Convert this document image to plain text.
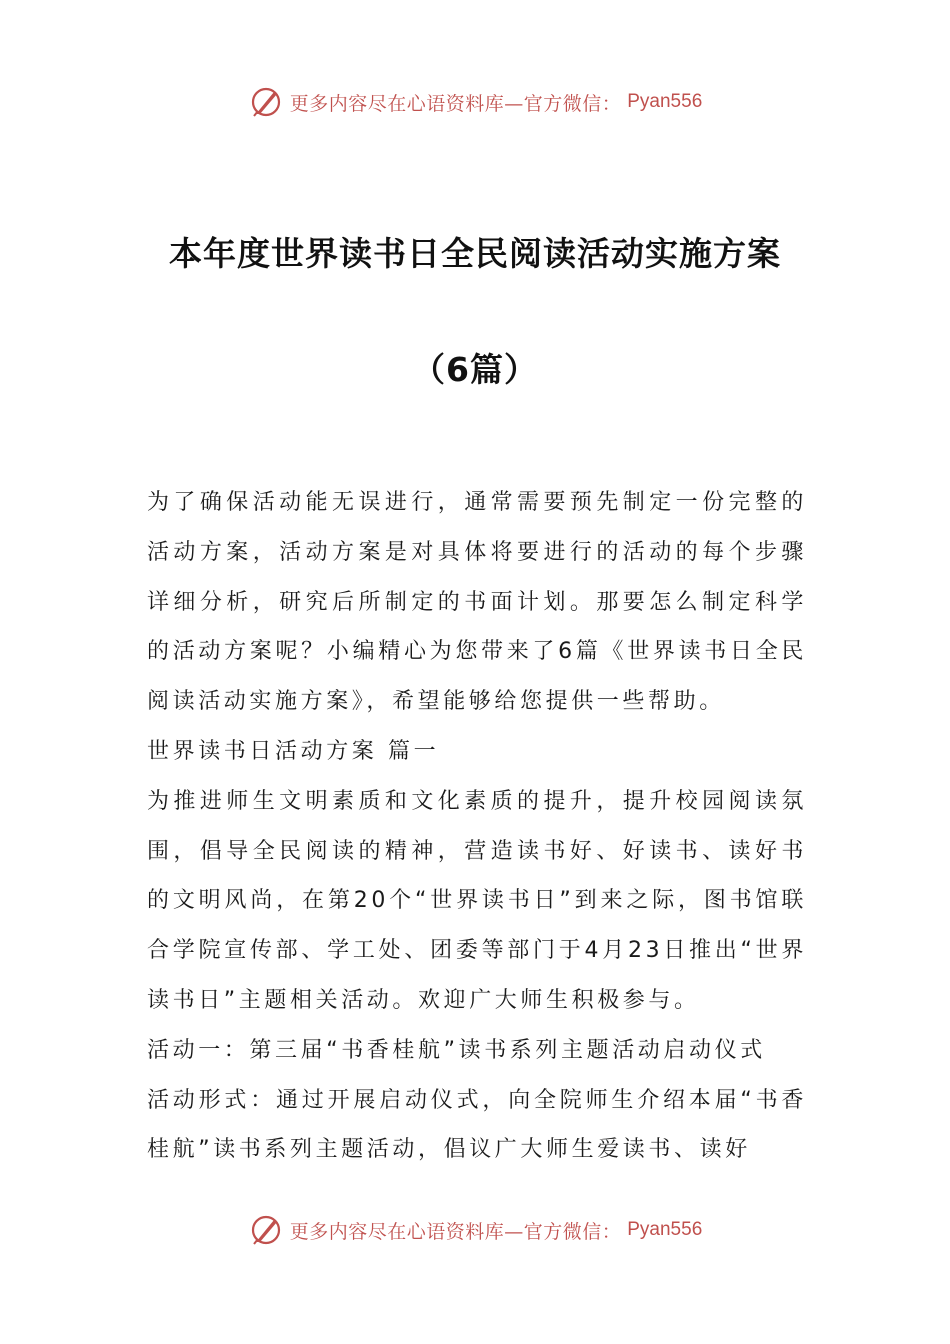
更多内容尽在心语资料库—官方微信： Pyan556
本年度世界读书日全民阅读活动实施方案
（6篇）

为了确保活动能无误进行，通常需要预先制定一份完整的活动方案，活动方案是对具体将要进行的活动的每个步骤详细分析，研究后所制定的书面计划。那要怎么制定科学的活动方案呢？小编精心为您带来了6篇《世界读书日全民阅读活动实施方案》，希望能够给您提供一些帮助。

世界读书日活动方案 篇一

为推进师生文明素质和文化素质的提升，提升校园阅读氛围，倡导全民阅读的精神，营造读书好、好读书、读好书的文明风尚，在第20个“世界读书日”到来之际，图书馆联合学院宣传部、学工处、团委等部门于4月23日推出“世界读书日”主题相关活动。欢迎广大师生积极参与。

活动一：第三届“书香桂航”读书系列主题活动启动仪式

活动形式：通过开展启动仪式，向全院师生介绍本届“书香桂航”读书系列主题活动，倡议广大师生爱读书、读好

更多内容尽在心语资料库—官方微信： Pyan556
